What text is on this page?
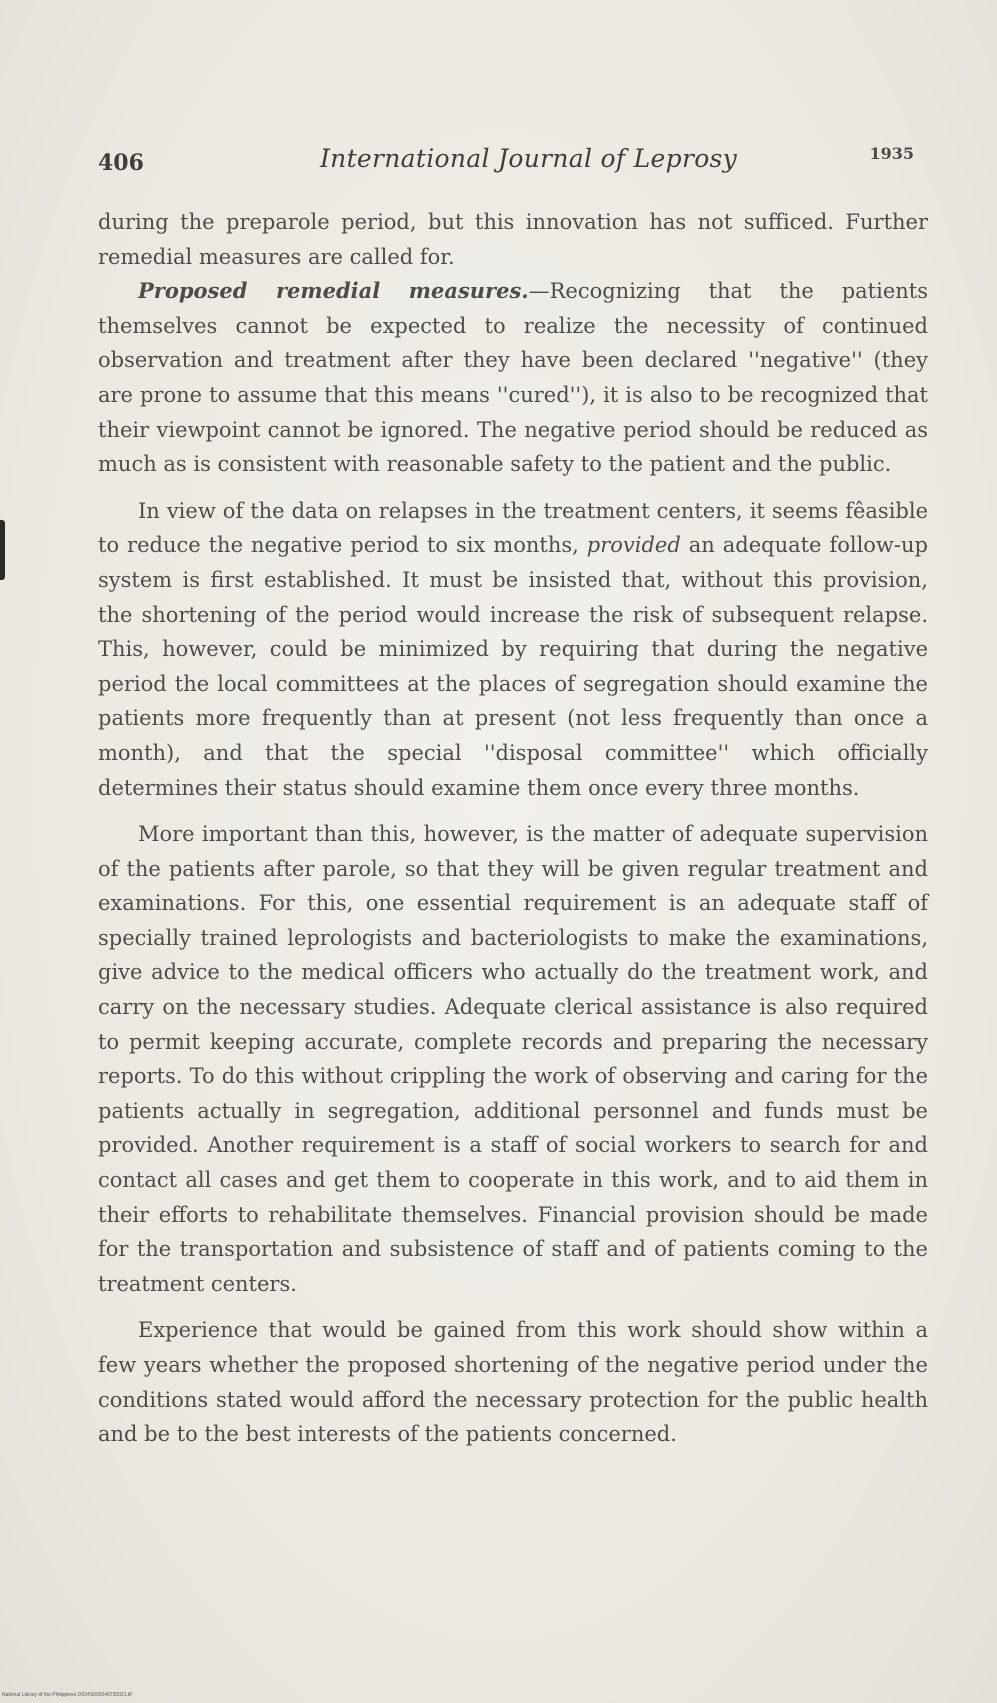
406	International Journal of Leprosy	1935

during the preparole period, but this innovation has not sufficed. Further remedial measures are called for.

Proposed remedial measures.—Recognizing that the patients themselves cannot be expected to realize the necessity of continued observation and treatment after they have been declared ''negative'' (they are prone to assume that this means ''cured''), it is also to be recognized that their viewpoint cannot be ignored. The negative period should be reduced as much as is consistent with reasonable safety to the patient and the public.

In view of the data on relapses in the treatment centers, it seems fêasible to reduce the negative period to six months, provided an adequate follow-up system is first established. It must be insisted that, without this provision, the shortening of the period would increase the risk of subsequent relapse. This, however, could be minimized by requiring that during the negative period the local committees at the places of segregation should examine the patients more frequently than at present (not less frequently than once a month), and that the special ''disposal committee'' which officially determines their status should examine them once every three months.

More important than this, however, is the matter of adequate supervision of the patients after parole, so that they will be given regular treatment and examinations. For this, one essential requirement is an adequate staff of specially trained leprologists and bacteriologists to make the examinations, give advice to the medical officers who actually do the treatment work, and carry on the necessary studies. Adequate clerical assistance is also required to permit keeping accurate, complete records and preparing the necessary reports. To do this without crippling the work of observing and caring for the patients actually in segregation, additional personnel and funds must be provided. Another requirement is a staff of social workers to search for and contact all cases and get them to cooperate in this work, and to aid them in their efforts to rehabilitate themselves. Financial provision should be made for the transportation and subsistence of staff and of patients coming to the treatment centers.

Experience that would be gained from this work should show within a few years whether the proposed shortening of the negative period under the conditions stated would afford the necessary protection for the public health and be to the best interests of the patients concerned.

National Library of the Philippines D024S000240730021.tif
